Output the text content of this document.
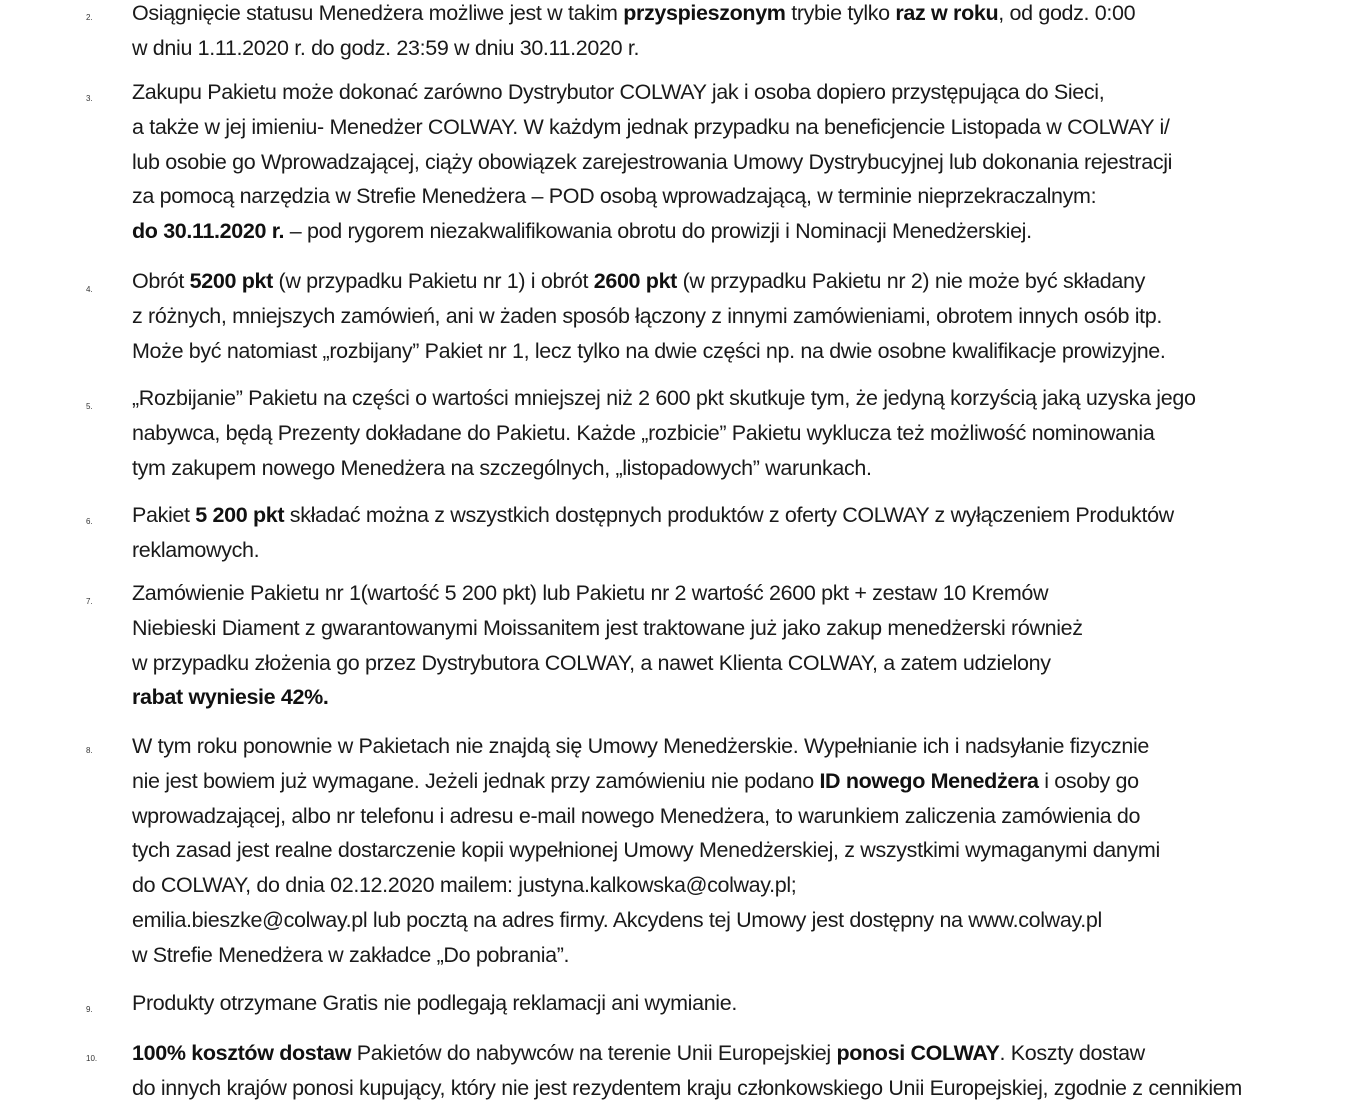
2. Osiągnięcie statusu Menedżera możliwe jest w takim przyspieszonym trybie tylko raz w roku, od godz. 0:00
w dniu 1.11.2020 r. do godz. 23:59 w dniu 30.11.2020 r.
3. Zakupu Pakietu może dokonać zarówno Dystrybutor COLWAY jak i osoba dopiero przystępująca do Sieci,
a także w jej imieniu- Menedżer COLWAY. W każdym jednak przypadku na beneficjencie Listopada w COLWAY i/
lub osobie go Wprowadzającej, ciąży obowiązek zarejestrowania Umowy Dystrybucyjnej lub dokonania rejestracji
za pomocą narzędzia w Strefie Menedżera – POD osobą wprowadzającą, w terminie nieprzekraczalnym:
do 30.11.2020 r. – pod rygorem niezakwalifikowania obrotu do prowizji i Nominacji Menedżerskiej.
4. Obrót 5200 pkt (w przypadku Pakietu nr 1) i obrót 2600 pkt (w przypadku Pakietu nr 2) nie może być składany
z różnych, mniejszych zamówień, ani w żaden sposób łączony z innymi zamówieniami, obrotem innych osób itp.
Może być natomiast „rozbijany” Pakiet nr 1, lecz tylko na dwie części np. na dwie osobne kwalifikacje prowizyjne.
5. „Rozbijanie” Pakietu na części o wartości mniejszej niż 2 600 pkt skutkuje tym, że jedyną korzyścią jaką uzyska jego
nabywca, będą Prezenty dokładane do Pakietu. Każde „rozbicie” Pakietu wyklucza też możliwość nominowania
tym zakupem nowego Menedżera na szczególnych, „listopadowych” warunkach.
6. Pakiet 5 200 pkt składać można z wszystkich dostępnych produktów z oferty COLWAY z wyłączeniem Produktów
reklamowych.
7. Zamówienie Pakietu nr 1(wartość 5 200 pkt) lub Pakietu nr 2 wartość 2600 pkt + zestaw 10 Kremów
Niebieski Diament z gwarantowanymi Moissanitem jest traktowane już jako zakup menedżerski również
w przypadku złożenia go przez Dystrybutora COLWAY, a nawet Klienta COLWAY, a zatem udzielony
rabat wyniesie 42%.
8. W tym roku ponownie w Pakietach nie znajdą się Umowy Menedżerskie. Wypełnianie ich i nadsyłanie fizycznie
nie jest bowiem już wymagane. Jeżeli jednak przy zamówieniu nie podano ID nowego Menedżera i osoby go
wprowadzającej, albo nr telefonu i adresu e-mail nowego Menedżera, to warunkiem zaliczenia zamówienia do
tych zasad jest realne dostarczenie kopii wypełnionej Umowy Menedżerskiej, z wszystkimi wymaganymi danymi
do COLWAY, do dnia 02.12.2020 mailem: justyna.kalkowska@colway.pl;
emilia.bieszke@colway.pl lub pocztą na adres firmy. Akcydens tej Umowy jest dostępny na www.colway.pl
w Strefie Menedżera w zakładce „Do pobrania”.
9. Produkty otrzymane Gratis nie podlegają reklamacji ani wymianie.
10. 100% kosztów dostaw Pakietów do nabywców na terenie Unii Europejskiej ponosi COLWAY. Koszty dostaw
do innych krajów ponosi kupujący, który nie jest rezydentem kraju członkowskiego Unii Europejskiej, zgodnie z cennikiem
